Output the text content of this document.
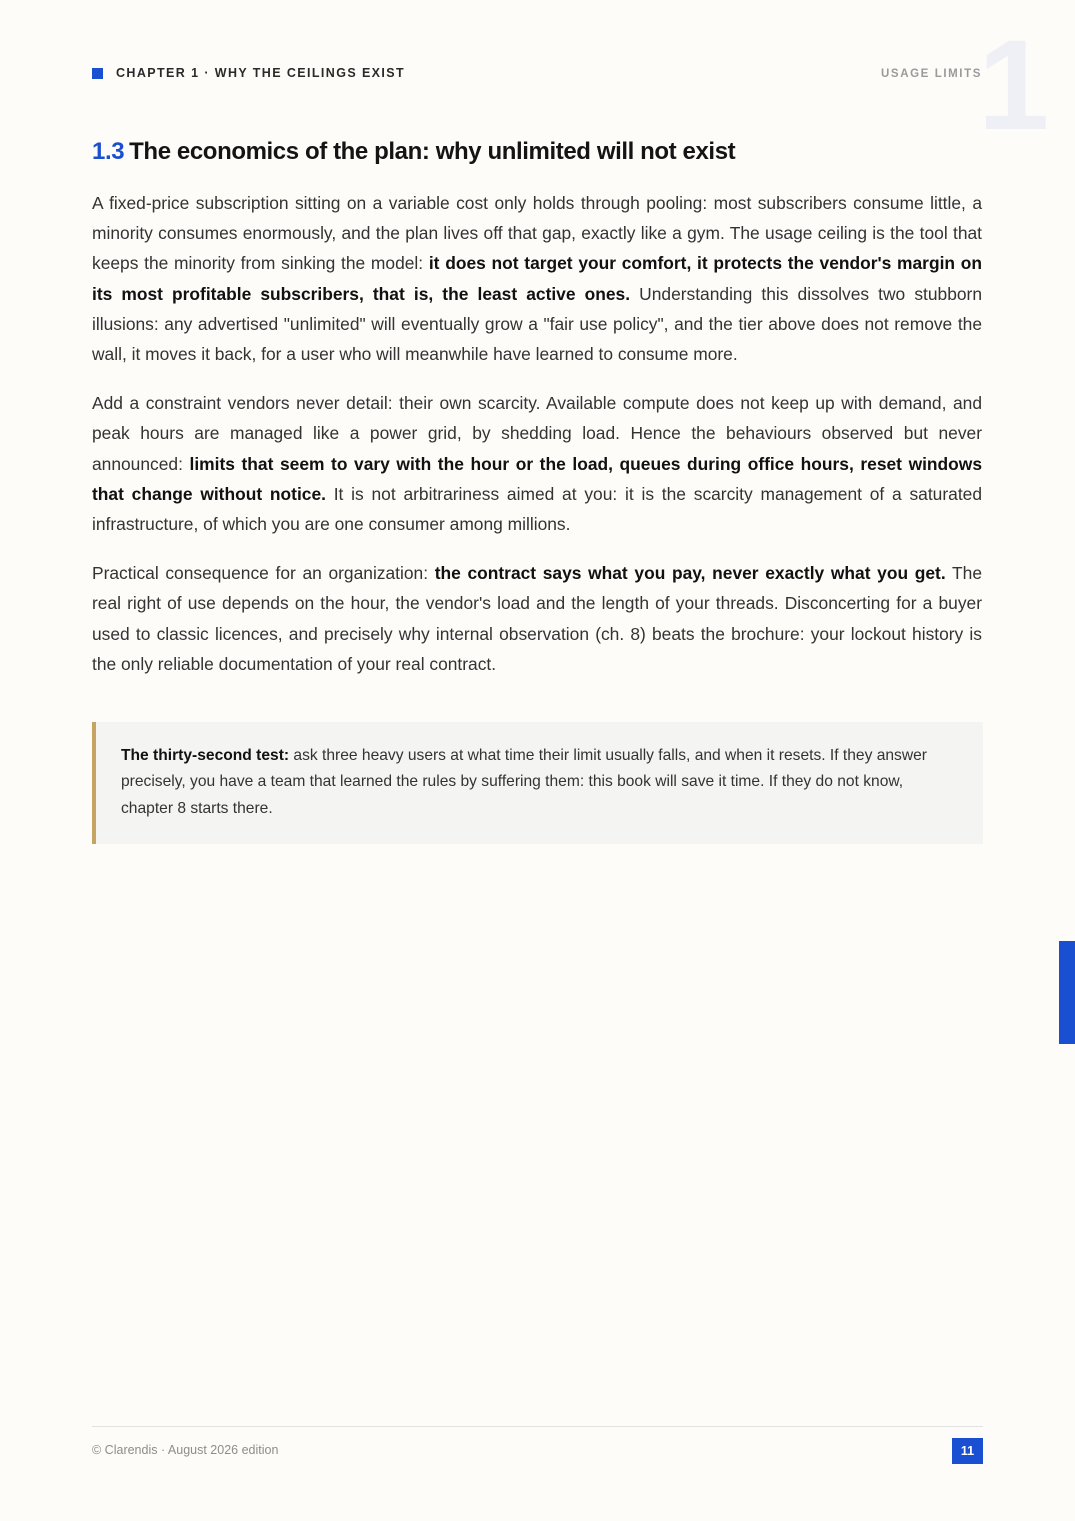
CHAPTER 1 · WHY THE CEILINGS EXIST	USAGE LIMITS
1
1.3 The economics of the plan: why unlimited will not exist

A fixed-price subscription sitting on a variable cost only holds through pooling: most subscribers consume little, a minority consumes enormously, and the plan lives off that gap, exactly like a gym. The usage ceiling is the tool that keeps the minority from sinking the model: it does not target your comfort, it protects the vendor's margin on its most profitable subscribers, that is, the least active ones. Understanding this dissolves two stubborn illusions: any advertised "unlimited" will eventually grow a "fair use policy", and the tier above does not remove the wall, it moves it back, for a user who will meanwhile have learned to consume more.

Add a constraint vendors never detail: their own scarcity. Available compute does not keep up with demand, and peak hours are managed like a power grid, by shedding load. Hence the behaviours observed but never announced: limits that seem to vary with the hour or the load, queues during office hours, reset windows that change without notice. It is not arbitrariness aimed at you: it is the scarcity management of a saturated infrastructure, of which you are one consumer among millions.

Practical consequence for an organization: the contract says what you pay, never exactly what you get. The real right of use depends on the hour, the vendor's load and the length of your threads. Disconcerting for a buyer used to classic licences, and precisely why internal observation (ch. 8) beats the brochure: your lockout history is the only reliable documentation of your real contract.

The thirty-second test: ask three heavy users at what time their limit usually falls, and when it resets. If they answer precisely, you have a team that learned the rules by suffering them: this book will save it time. If they do not know, chapter 8 starts there.

© Clarendis · August 2026 edition	11
